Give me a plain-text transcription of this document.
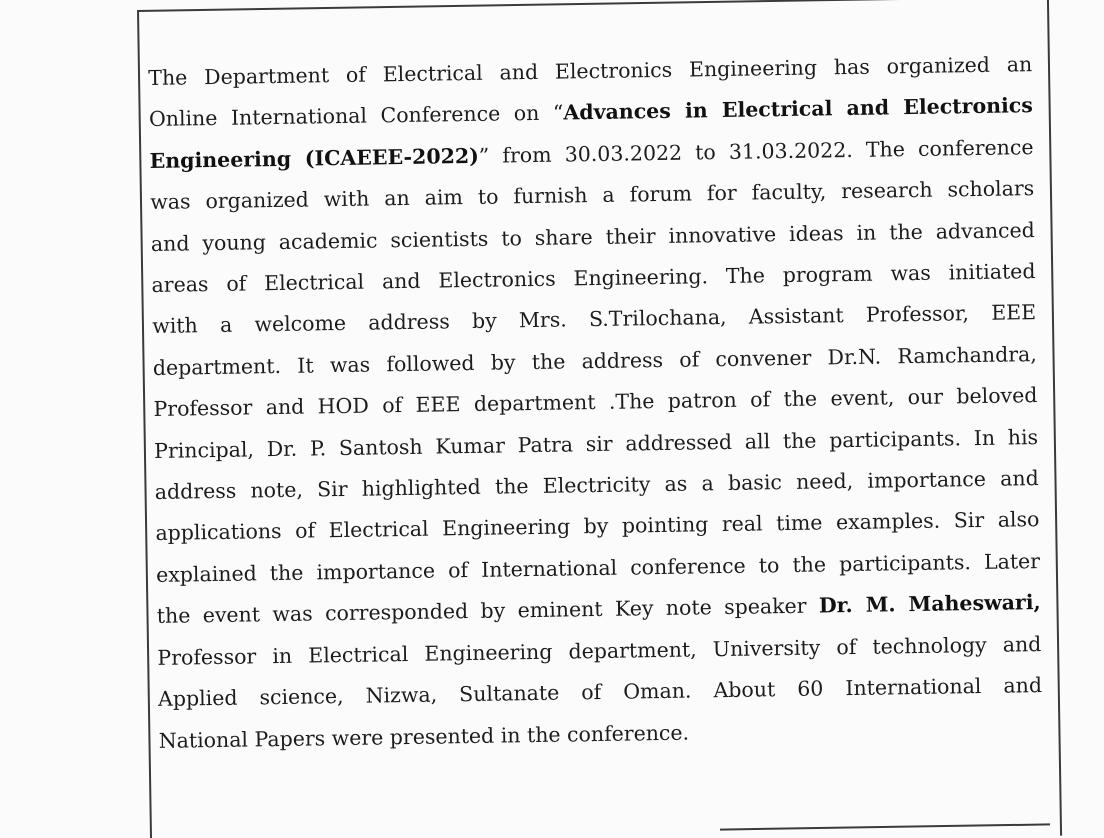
The Department of Electrical and Electronics Engineering has organized an
Online International Conference on “Advances in Electrical and Electronics
Engineering (ICAEEE-2022)” from 30.03.2022 to 31.03.2022. The conference
was organized with an aim to furnish a forum for faculty, research scholars
and young academic scientists to share their innovative ideas in the advanced
areas of Electrical and Electronics Engineering. The program was initiated
with a welcome address by Mrs. S.Trilochana, Assistant Professor, EEE
department. It was followed by the address of convener Dr.N. Ramchandra,
Professor and HOD of EEE department .The patron of the event, our beloved
Principal, Dr. P. Santosh Kumar Patra sir addressed all the participants. In his
address note, Sir highlighted the Electricity as a basic need, importance and
applications of Electrical Engineering by pointing real time examples. Sir also
explained the importance of International conference to the participants. Later
the event was corresponded by eminent Key note speaker Dr. M. Maheswari,
Professor in Electrical Engineering department, University of technology and
Applied science, Nizwa, Sultanate of Oman. About 60 International and
National Papers were presented in the conference.
